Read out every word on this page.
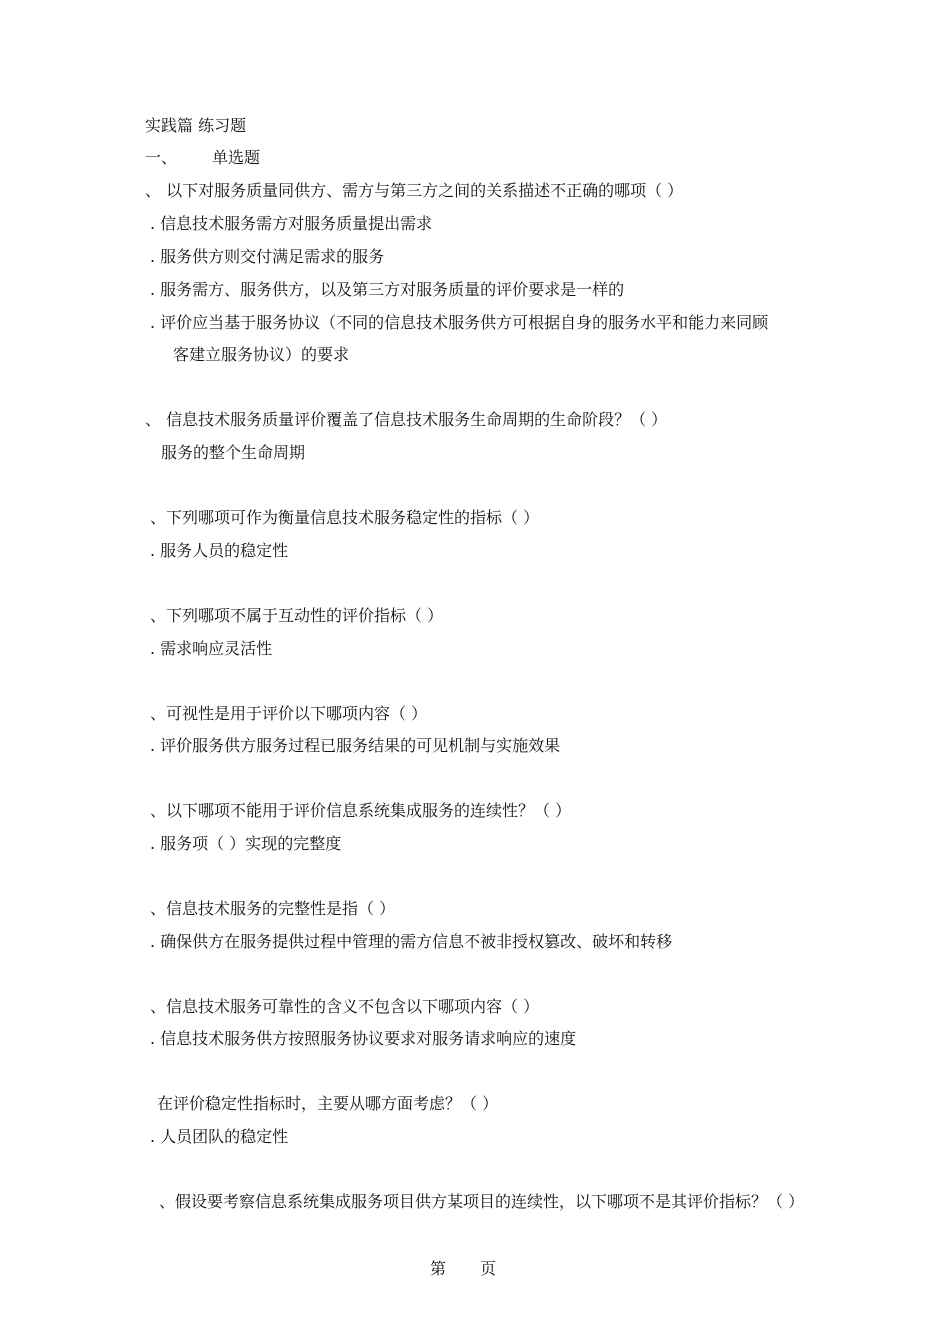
实践篇 练习题
一、 单选题
、 以下对服务质量同供方、需方与第三方之间的关系描述不正确的哪项（ ）
. 信息技术服务需方对服务质量提出需求
. 服务供方则交付满足需求的服务
. 服务需方、服务供方，以及第三方对服务质量的评价要求是一样的
. 评价应当基于服务协议（不同的信息技术服务供方可根据自身的服务水平和能力来同顾
客建立服务协议）的要求
、 信息技术服务质量评价覆盖了信息技术服务生命周期的生命阶段？（ ）
服务的整个生命周期
、下列哪项可作为衡量信息技术服务稳定性的指标（ ）
. 服务人员的稳定性
、下列哪项不属于互动性的评价指标（ ）
. 需求响应灵活性
、可视性是用于评价以下哪项内容（ ）
. 评价服务供方服务过程已服务结果的可见机制与实施效果
、以下哪项不能用于评价信息系统集成服务的连续性？（ ）
. 服务项（ ）实现的完整度
、信息技术服务的完整性是指（ ）
. 确保供方在服务提供过程中管理的需方信息不被非授权篡改、破坏和转移
、信息技术服务可靠性的含义不包含以下哪项内容（ ）
. 信息技术服务供方按照服务协议要求对服务请求响应的速度
在评价稳定性指标时，主要从哪方面考虑？（ ）
. 人员团队的稳定性
、假设要考察信息系统集成服务项目供方某项目的连续性，以下哪项不是其评价指标？（ ）
第 页
